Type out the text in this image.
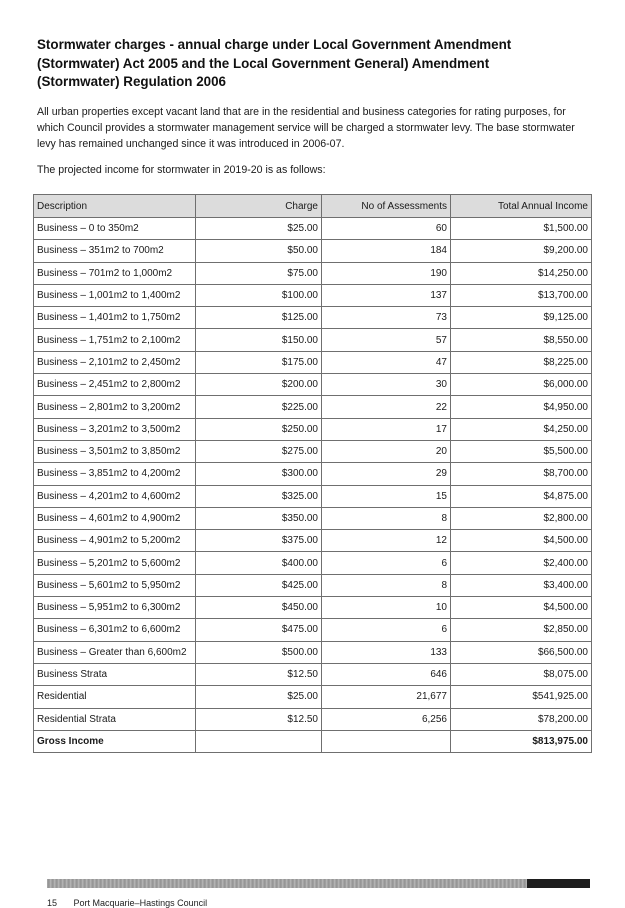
Stormwater charges - annual charge under Local Government Amendment
(Stormwater) Act 2005 and the Local Government General) Amendment
(Stormwater) Regulation 2006
All urban properties except vacant land that are in the residential and business categories for rating purposes, for
which Council provides a stormwater management service will be charged a stormwater levy. The base stormwater
levy has remained unchanged since it was introduced in 2006-07.
The projected income for stormwater in 2019-20 is as follows:
Description	Charge	No of Assessments	Total Annual Income
Business – 0 to 350m2	$25.00	60	$1,500.00
Business – 351m2 to 700m2	$50.00	184	$9,200.00
Business – 701m2 to 1,000m2	$75.00	190	$14,250.00
Business – 1,001m2 to 1,400m2	$100.00	137	$13,700.00
Business – 1,401m2 to 1,750m2	$125.00	73	$9,125.00
Business – 1,751m2 to 2,100m2	$150.00	57	$8,550.00
Business – 2,101m2 to 2,450m2	$175.00	47	$8,225.00
Business – 2,451m2 to 2,800m2	$200.00	30	$6,000.00
Business – 2,801m2 to 3,200m2	$225.00	22	$4,950.00
Business – 3,201m2 to 3,500m2	$250.00	17	$4,250.00
Business – 3,501m2 to 3,850m2	$275.00	20	$5,500.00
Business – 3,851m2 to 4,200m2	$300.00	29	$8,700.00
Business – 4,201m2 to 4,600m2	$325.00	15	$4,875.00
Business – 4,601m2 to 4,900m2	$350.00	8	$2,800.00
Business – 4,901m2 to 5,200m2	$375.00	12	$4,500.00
Business – 5,201m2 to 5,600m2	$400.00	6	$2,400.00
Business – 5,601m2 to 5,950m2	$425.00	8	$3,400.00
Business – 5,951m2 to 6,300m2	$450.00	10	$4,500.00
Business – 6,301m2 to 6,600m2	$475.00	6	$2,850.00
Business – Greater than 6,600m2	$500.00	133	$66,500.00
Business Strata	$12.50	646	$8,075.00
Residential	$25.00	21,677	$541,925.00
Residential Strata	$12.50	6,256	$78,200.00
Gross Income			$813,975.00
15 Port Macquarie–Hastings Council
